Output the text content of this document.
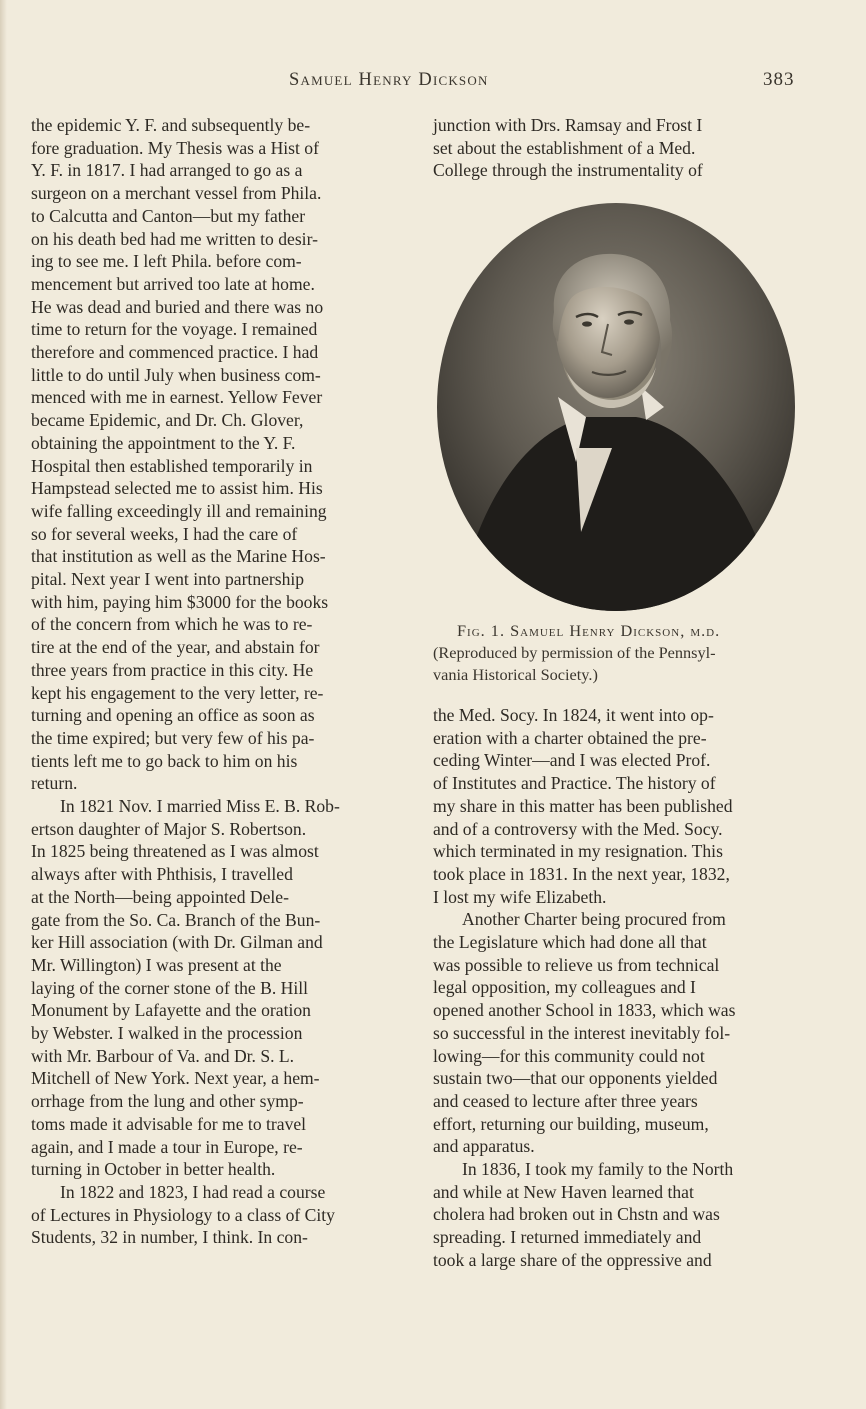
Samuel Henry Dickson	383
the epidemic Y. F. and subsequently be-
fore graduation. My Thesis was a Hist of
Y. F. in 1817. I had arranged to go as a
surgeon on a merchant vessel from Phila.
to Calcutta and Canton—but my father
on his death bed had me written to desir-
ing to see me. I left Phila. before com-
mencement but arrived too late at home.
He was dead and buried and there was no
time to return for the voyage. I remained
therefore and commenced practice. I had
little to do until July when business com-
menced with me in earnest. Yellow Fever
became Epidemic, and Dr. Ch. Glover,
obtaining the appointment to the Y. F.
Hospital then established temporarily in
Hampstead selected me to assist him. His
wife falling exceedingly ill and remaining
so for several weeks, I had the care of
that institution as well as the Marine Hos-
pital. Next year I went into partnership
with him, paying him $3000 for the books
of the concern from which he was to re-
tire at the end of the year, and abstain for
three years from practice in this city. He
kept his engagement to the very letter, re-
turning and opening an office as soon as
the time expired; but very few of his pa-
tients left me to go back to him on his
return.
In 1821 Nov. I married Miss E. B. Rob-
ertson daughter of Major S. Robertson.
In 1825 being threatened as I was almost
always after with Phthisis, I travelled
at the North—being appointed Dele-
gate from the So. Ca. Branch of the Bun-
ker Hill association (with Dr. Gilman and
Mr. Willington) I was present at the
laying of the corner stone of the B. Hill
Monument by Lafayette and the oration
by Webster. I walked in the procession
with Mr. Barbour of Va. and Dr. S. L.
Mitchell of New York. Next year, a hem-
orrhage from the lung and other symp-
toms made it advisable for me to travel
again, and I made a tour in Europe, re-
turning in October in better health.
In 1822 and 1823, I had read a course
of Lectures in Physiology to a class of City
Students, 32 in number, I think. In con-
junction with Drs. Ramsay and Frost I
set about the establishment of a Med.
College through the instrumentality of
Fig. 1. Samuel Henry Dickson, m.d.
(Reproduced by permission of the Pennsyl-
vania Historical Society.)
the Med. Socy. In 1824, it went into op-
eration with a charter obtained the pre-
ceding Winter—and I was elected Prof.
of Institutes and Practice. The history of
my share in this matter has been published
and of a controversy with the Med. Socy.
which terminated in my resignation. This
took place in 1831. In the next year, 1832,
I lost my wife Elizabeth.
Another Charter being procured from
the Legislature which had done all that
was possible to relieve us from technical
legal opposition, my colleagues and I
opened another School in 1833, which was
so successful in the interest inevitably fol-
lowing—for this community could not
sustain two—that our opponents yielded
and ceased to lecture after three years
effort, returning our building, museum,
and apparatus.
In 1836, I took my family to the North
and while at New Haven learned that
cholera had broken out in Chstn and was
spreading. I returned immediately and
took a large share of the oppressive and
